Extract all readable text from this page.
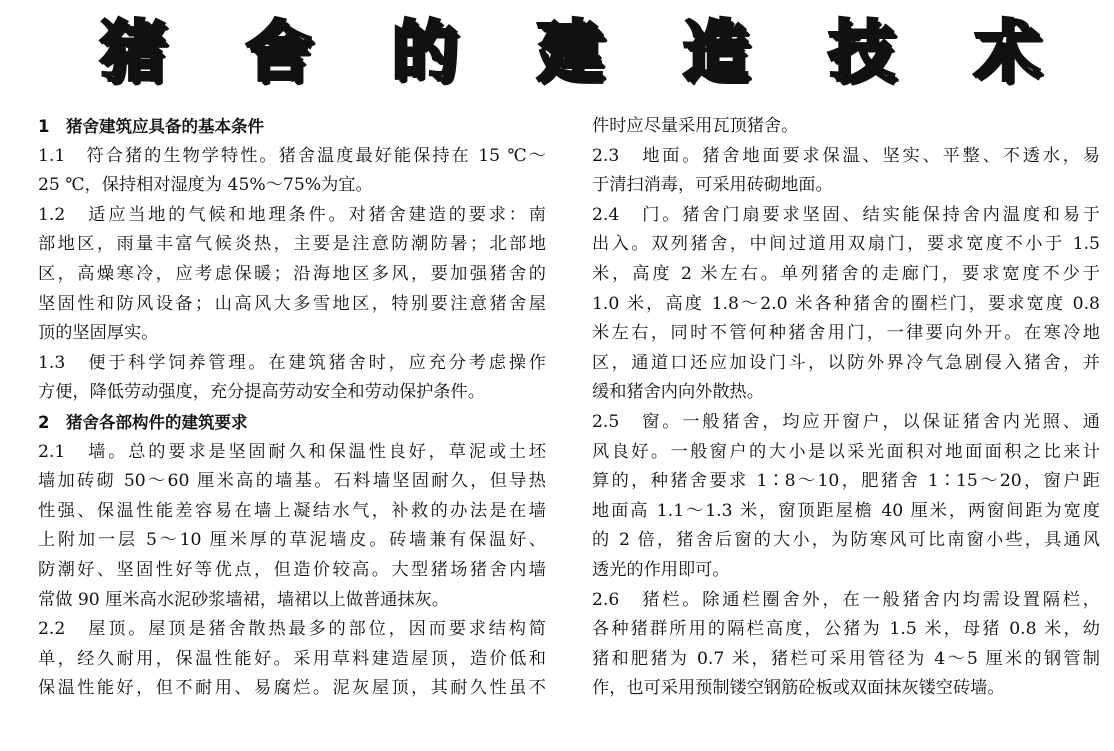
猪 舍 的 建 造 技 术
1　猪舍建筑应具备的基本条件
1.1　符合猪的生物学特性。猪舍温度最好能保持在 15 ℃～
25 ℃，保持相对湿度为 45%～75%为宜。
1.2　适应当地的气候和地理条件。对猪舍建造的要求：南
部地区，雨量丰富气候炎热，主要是注意防潮防暑；北部地
区，高燥寒冷，应考虑保暖；沿海地区多风，要加强猪舍的
坚固性和防风设备；山高风大多雪地区，特别要注意猪舍屋
顶的坚固厚实。
1.3　便于科学饲养管理。在建筑猪舍时，应充分考虑操作
方便，降低劳动强度，充分提高劳动安全和劳动保护条件。
2　猪舍各部构件的建筑要求
2.1　墙。总的要求是坚固耐久和保温性良好，草泥或土坯
墙加砖砌 50～60 厘米高的墙基。石料墙坚固耐久，但导热
性强、保温性能差容易在墙上凝结水气，补救的办法是在墙
上附加一层 5～10 厘米厚的草泥墙皮。砖墙兼有保温好、
防潮好、坚固性好等优点，但造价较高。大型猪场猪舍内墙
常做 90 厘米高水泥砂浆墙裙，墙裙以上做普通抹灰。
2.2　屋顶。屋顶是猪舍散热最多的部位，因而要求结构简
单，经久耐用，保温性能好。采用草料建造屋顶，造价低和
保温性能好，但不耐用、易腐烂。泥灰屋顶，其耐久性虽不
件时应尽量采用瓦顶猪舍。
2.3　地面。猪舍地面要求保温、坚实、平整、不透水，易
于清扫消毒，可采用砖砌地面。
2.4　门。猪舍门扇要求坚固、结实能保持舍内温度和易于
出入。双列猪舍，中间过道用双扇门，要求宽度不小于 1.5
米，高度 2 米左右。单列猪舍的走廊门，要求宽度不少于
1.0 米，高度 1.8～2.0 米各种猪舍的圈栏门，要求宽度 0.8
米左右，同时不管何种猪舍用门，一律要向外开。在寒冷地
区，通道口还应加设门斗，以防外界冷气急剧侵入猪舍，并
缓和猪舍内向外散热。
2.5　窗。一般猪舍，均应开窗户，以保证猪舍内光照、通
风良好。一般窗户的大小是以采光面积对地面面积之比来计
算的，种猪舍要求 1∶8～10，肥猪舍 1∶15～20，窗户距
地面高 1.1～1.3 米，窗顶距屋檐 40 厘米，两窗间距为宽度
的 2 倍，猪舍后窗的大小，为防寒风可比南窗小些，具通风
透光的作用即可。
2.6　猪栏。除通栏圈舍外，在一般猪舍内均需设置隔栏，
各种猪群所用的隔栏高度，公猪为 1.5 米，母猪 0.8 米，幼
猪和肥猪为 0.7 米，猪栏可采用管径为 4～5 厘米的钢管制
作，也可采用预制镂空钢筋砼板或双面抹灰镂空砖墙。
